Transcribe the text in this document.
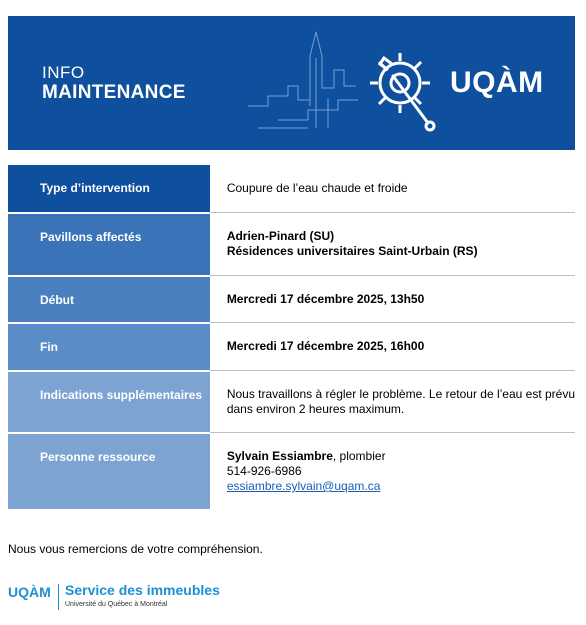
INFO
MAINTENANCE	UQÀM
Type d’intervention	Coupure de l’eau chaude et froide

Pavillons affectés	Adrien-Pinard (SU)
Résidences universitaires Saint-Urbain (RS)

Début	Mercredi 17 décembre 2025, 13h50

Fin	Mercredi 17 décembre 2025, 16h00

Indications supplémentaires	Nous travaillons à régler le problème. Le retour de l’eau est prévu
dans environ 2 heures maximum.

Personne ressource	Sylvain Essiambre, plombier
514-926-6986
essiambre.sylvain@uqam.ca
Nous vous remercions de votre compréhension.
UQÀM Service des immeubles
Université du Québec à Montréal
